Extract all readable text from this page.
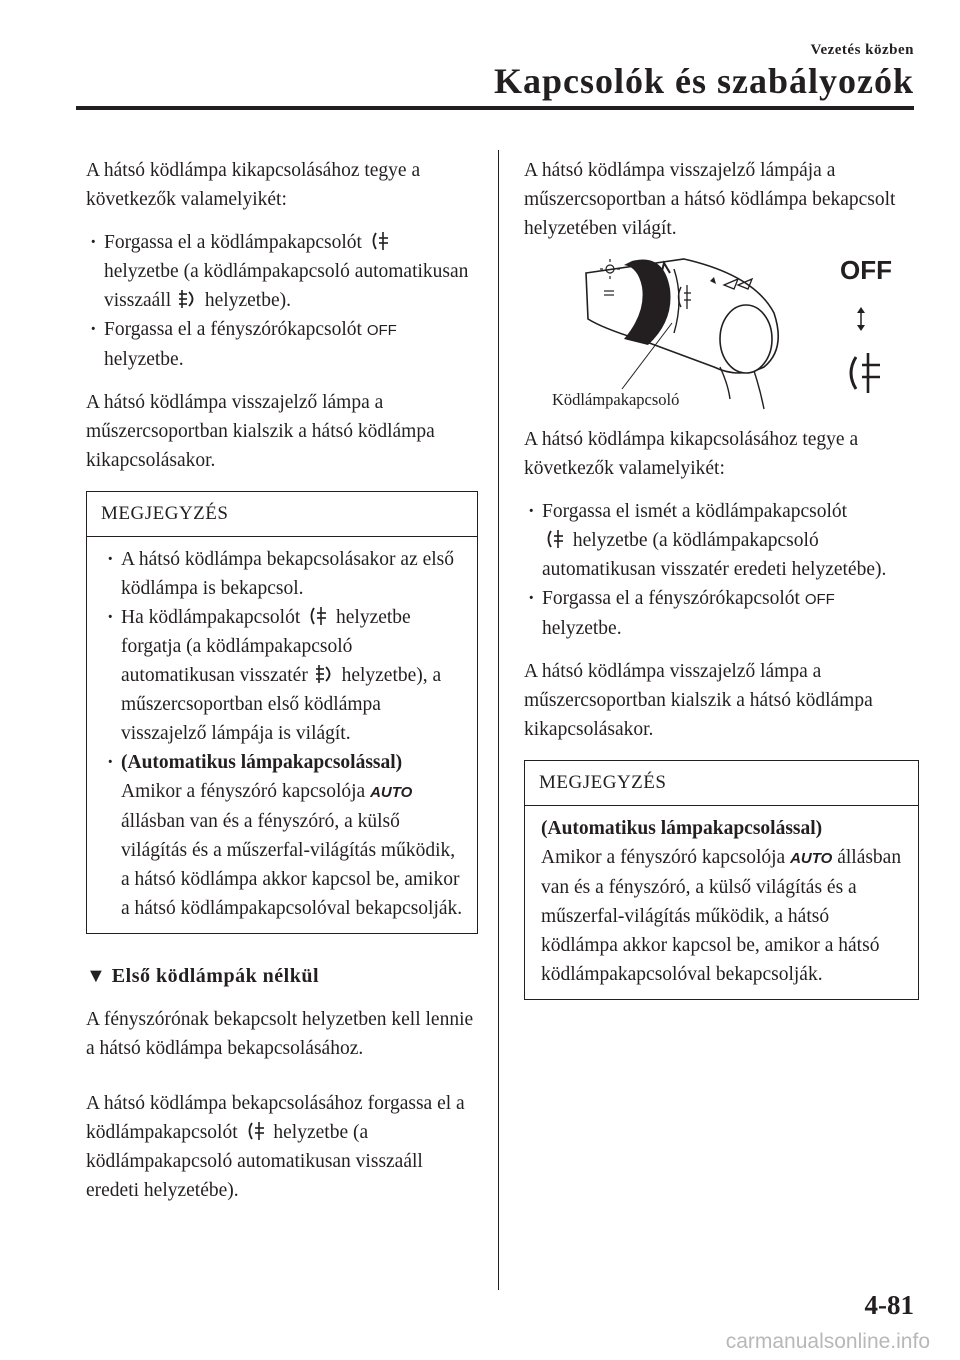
Vezetés közben
Kapcsolók és szabályozók

A hátsó ködlámpa kikapcsolásához tegye a következők valamelyikét:

· Forgassa el a ködlámpakapcsolót
helyzetbe (a ködlámpakapcsoló automatikusan visszaáll helyzetbe).
· Forgassa el a fényszórókapcsolót OFF
helyzetbe.

A hátsó ködlámpa visszajelző lámpa a műszercsoportban kialszik a hátsó ködlámpa kikapcsolásakor.

MEGJEGYZÉS
· A hátsó ködlámpa bekapcsolásakor az első ködlámpa is bekapcsol.
· Ha ködlámpakapcsolót helyzetbe forgatja (a ködlámpakapcsoló automatikusan visszatér helyzetbe), a műszercsoportban első ködlámpa visszajelző lámpája is világít.
· (Automatikus lámpakapcsolással)
Amikor a fényszóró kapcsolója AUTO állásban van és a fényszóró, a külső világítás és a műszerfal-világítás működik, a hátsó ködlámpa akkor kapcsol be, amikor a hátsó ködlámpakapcsolóval bekapcsolják.
▼ Első ködlámpák nélkül

A fényszórónak bekapcsolt helyzetben kell lennie a hátsó ködlámpa bekapcsolásához.

A hátsó ködlámpa bekapcsolásához forgassa el a ködlámpakapcsolót helyzetbe (a ködlámpakapcsoló automatikusan visszaáll eredeti helyzetébe).

A hátsó ködlámpa visszajelző lámpája a műszercsoportban a hátsó ködlámpa bekapcsolt helyzetében világít.

OFF
A	OFF
Ködlámpakapcsoló

A hátsó ködlámpa kikapcsolásához tegye a következők valamelyikét:

· Forgassa el ismét a ködlámpakapcsolót
helyzetbe (a ködlámpakapcsoló automatikusan visszatér eredeti helyzetébe).
· Forgassa el a fényszórókapcsolót OFF
helyzetbe.

A hátsó ködlámpa visszajelző lámpa a műszercsoportban kialszik a hátsó ködlámpa kikapcsolásakor.

MEGJEGYZÉS

(Automatikus lámpakapcsolással)
Amikor a fényszóró kapcsolója AUTO állásban van és a fényszóró, a külső világítás és a műszerfal-világítás működik, a hátsó ködlámpa akkor kapcsol be, amikor a hátsó ködlámpakapcsolóval bekapcsolják.

4-81
carmanualsonline.info
